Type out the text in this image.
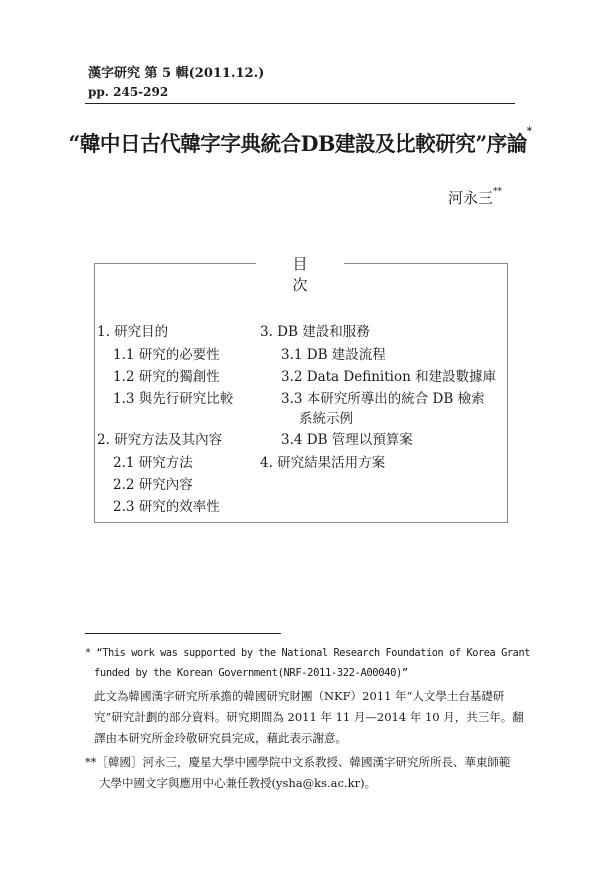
漢字研究 第 5 輯(2011.12.)
pp. 245-292
“韓中日古代韓字字典統合DB建設及比較研究”序論*
河永三**
目 次
1. 研究目的
1.1 研究的必要性
1.2 研究的獨創性
1.3 與先行研究比較
2. 研究方法及其內容
2.1 研究方法
2.2 研究內容
2.3 研究的效率性
3. DB 建設和服務
3.1 DB 建設流程
3.2 Data Definition 和建設數據庫
3.3 本研究所導出的統合 DB 檢索
系統示例
3.4 DB 管理以預算案
4. 研究結果活用方案
* “This work was supported by the National Research Foundation of Korea Grant
funded by the Korean Government(NRF-2011-322-A00040)”
此文為韓國漢字研究所承擔的韓國研究財團（NKF）2011 年“人文學土台基礎研
究”研究計劃的部分資料。研究期間為 2011 年 11 月—2014 年 10 月，共三年。翻
譯由本研究所金玲敬研究員完成，藉此表示謝意。
**［韓國］河永三，慶星大學中國學院中文系教授、韓國漢字研究所所長、華東師範
大學中國文字與應用中心兼任教授(ysha@ks.ac.kr)。
